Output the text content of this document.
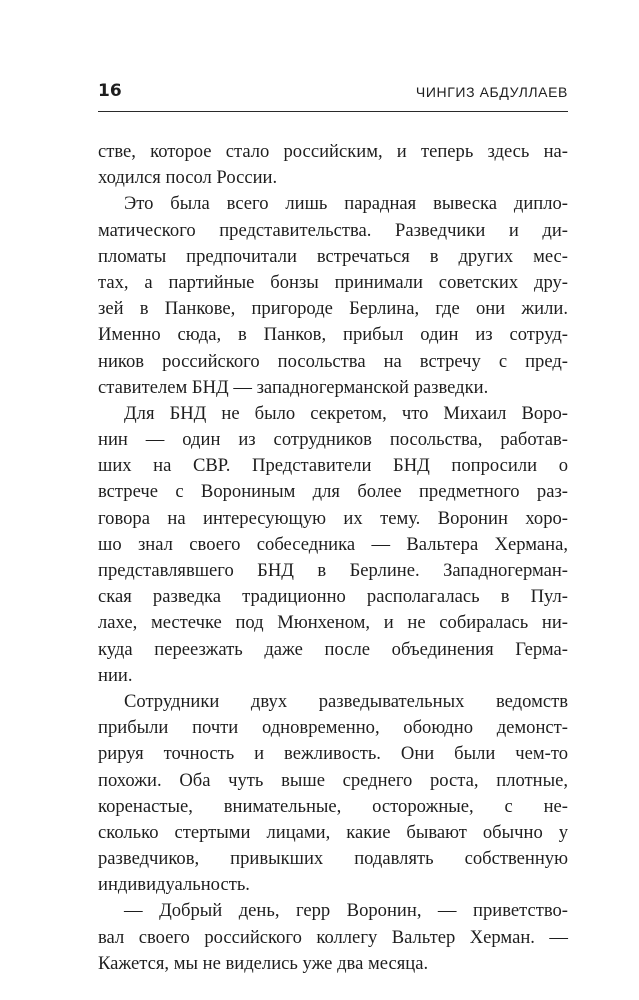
16	ЧИНГИЗ АБДУЛЛАЕВ
стве, которое стало российским, и теперь здесь на-
ходился посол России.
Это была всего лишь парадная вывеска дипло-
матического представительства. Разведчики и ди-
пломаты предпочитали встречаться в других мес-
тах, а партийные бонзы принимали советских дру-
зей в Панкове, пригороде Берлина, где они жили.
Именно сюда, в Панков, прибыл один из сотруд-
ников российского посольства на встречу с пред-
ставителем БНД — западногерманской разведки.
Для БНД не было секретом, что Михаил Воро-
нин — один из сотрудников посольства, работав-
ших на СВР. Представители БНД попросили о
встрече с Ворониным для более предметного раз-
говора на интересующую их тему. Воронин хоро-
шо знал своего собеседника — Вальтера Хермана,
представлявшего БНД в Берлине. Западногерман-
ская разведка традиционно располагалась в Пул-
лахе, местечке под Мюнхеном, и не собиралась ни-
куда переезжать даже после объединения Герма-
нии.
Сотрудники двух разведывательных ведомств
прибыли почти одновременно, обоюдно демонст-
рируя точность и вежливость. Они были чем-то
похожи. Оба чуть выше среднего роста, плотные,
коренастые, внимательные, осторожные, с не-
сколько стертыми лицами, какие бывают обычно у
разведчиков, привыкших подавлять собственную
индивидуальность.
— Добрый день, герр Воронин, — приветство-
вал своего российского коллегу Вальтер Херман. —
Кажется, мы не виделись уже два месяца.
